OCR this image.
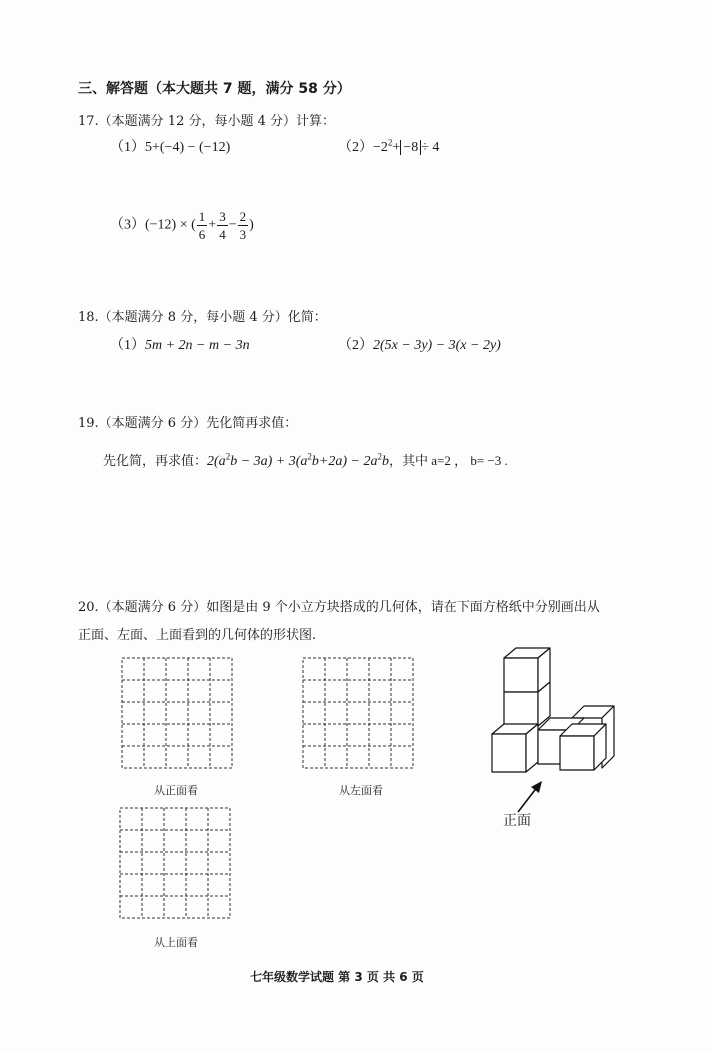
三、解答题（本大题共 7 题，满分 58 分）
17.（本题满分 12 分，每小题 4 分）计算：
（1）5+(−4) − (−12)	$(2)-2^2+ -8 \div 4$
（3）(−12) × ( $\frac{1}{6} + \frac{3}{4} - \frac{2}{3}$ )
18.（本题满分 8 分，每小题 4 分）化简：
（1）5m + 2n − m − 3n	（2）2(5x − 3y) − 3(x − 2y)
19.（本题满分 6 分）先化简再求值：
先化简，再求值：$2(a^2b - 3a) + 3(a^2b+2a) - 2a^2b$，其中 a=2 ， b= −3 .
20.（本题满分 6 分）如图是由 9 个小立方块搭成的几何体，请在下面方格纸中分别画出从
正面、左面、上面看到的几何体的形状图.
从正面看	从左面看
从上面看
正面
七年级数学试题 第 3 页 共 6 页
